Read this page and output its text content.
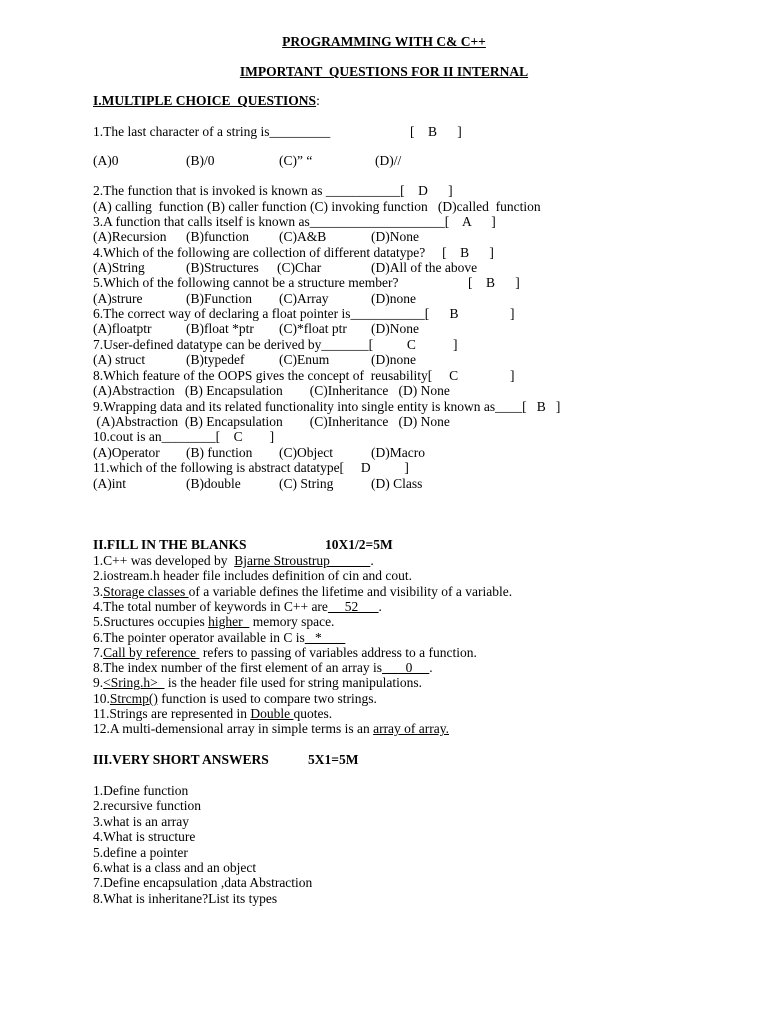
PROGRAMMING WITH C& C++
IMPORTANT  QUESTIONS FOR II INTERNAL
I.MULTIPLE CHOICE  QUESTIONS:
1.The last character of a string is_________	[    B      ]
(A)0	(B)/0	(C)” “	(D)//
2.The function that is invoked is known as ___________[    D      ]
(A) calling  function (B) caller function (C) invoking function   (D)called  function
3.A function that calls itself is known as____________________[    A      ]
(A)Recursion (B)function (C)A&B	(D)None
4.Which of the following are collection of different datatype?     [    B      ]
(A)String	(B)Structures (C)Char	(D)All of the above
5.Which of the following cannot be a structure member?	[    B      ]
(A)strure	(B)Function (C)Array	(D)none
6.The correct way of declaring a float pointer is___________[      B	]
(A)floatptr	(B)float *ptr (C)*float ptr (D)None
7.User-defined datatype can be derived by_______[          C           ]
(A) struct	(B)typedef	(C)Enum	(D)none
8.Which feature of the OOPS gives the concept of  reusability[     C	]
(A)Abstraction   (B) Encapsulation        (C)Inheritance   (D) None
9.Wrapping data and its related functionality into single entity is known as____[   B   ]
(A)Abstraction  (B) Encapsulation        (C)Inheritance   (D) None
10.cout is an________[    C        ]
(A)Operator (B) function (C)Object	(D)Macro
11.which of the following is abstract datatype[     D          ]
(A)int	(B)double	(C) String	(D) Class
II.FILL IN THE BLANKS	10X1/2=5M
1.C++ was developed by  Bjarne Stroustrup            .
2.iostream.h header file includes definition of cin and cout.
3.Storage classes of a variable defines the lifetime and visibility of a variable.
4.The total number of keywords in C++ are     52      .
5.Sructures occupies higher   memory space.
6.The pointer operator available in C is   *
7.Call by reference  refers to passing of variables address to a function.
8.The index number of the first element of an array is       0     .
9.<Sring.h>   is the header file used for string manipulations.
10.Strcmp() function is used to compare two strings.
11.Strings are represented in Double quotes.
12.A multi-demensional array in simple terms is an array of array.
III.VERY SHORT ANSWERS	5X1=5M
1.Define function
2.recursive function
3.what is an array
4.What is structure
5.define a pointer
6.what is a class and an object
7.Define encapsulation ,data Abstraction
8.What is inheritane?List its types
